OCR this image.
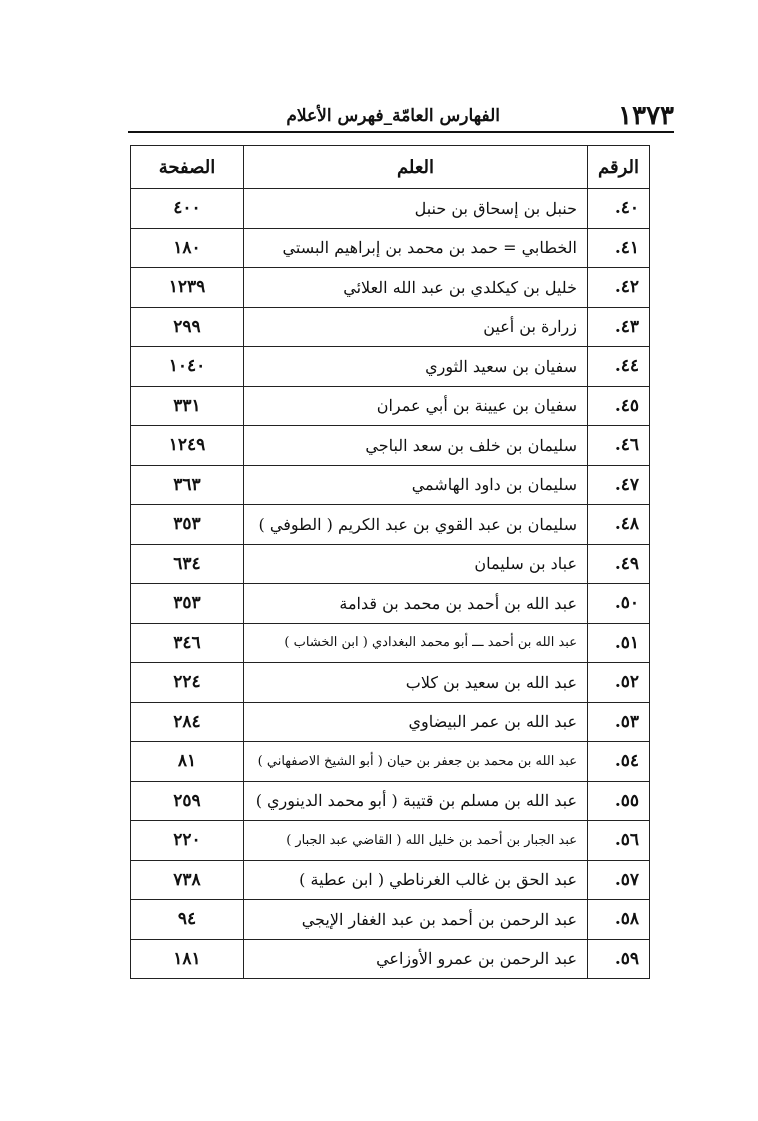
١٣٧٣
الفهارس العامّة_فهرس الأعلام
الرقم	العلم	الصفحة
٤٠.	حنبل بن إسحاق بن حنبل	٤٠٠
٤١.	الخطابي = حمد بن محمد بن إبراهيم البستي	١٨٠
٤٢.	خليل بن كيكلدي بن عبد الله العلائي	١٢٣٩
٤٣.	زرارة بن أعين	٢٩٩
٤٤.	سفيان بن سعيد الثوري	١٠٤٠
٤٥.	سفيان بن عيينة بن أبي عمران	٣٣١
٤٦.	سليمان بن خلف بن سعد الباجي	١٢٤٩
٤٧.	سليمان بن داود الهاشمي	٣٦٣
٤٨.	سليمان بن عبد القوي بن عبد الكريم ( الطوفي )	٣٥٣
٤٩.	عباد بن سليمان	٦٣٤
٥٠.	عبد الله بن أحمد بن محمد بن قدامة	٣٥٣
٥١.	عبد الله بن أحمد ـــ أبو محمد البغدادي ( ابن الخشاب )	٣٤٦
٥٢.	عبد الله بن سعيد بن كلاب	٢٢٤
٥٣.	عبد الله بن عمر البيضاوي	٢٨٤
٥٤.	عبد الله بن محمد بن جعفر بن حيان ( أبو الشيخ الاصفهاني )	٨١
٥٥.	عبد الله بن مسلم بن قتيبة ( أبو محمد الدينوري )	٢٥٩
٥٦.	عبد الجبار بن أحمد بن خليل الله ( القاضي عبد الجبار )	٢٢٠
٥٧.	عبد الحق بن غالب الغرناطي ( ابن عطية )	٧٣٨
٥٨.	عبد الرحمن بن أحمد بن عبد الغفار الإيجي	٩٤
٥٩.	عبد الرحمن بن عمرو الأوزاعي	١٨١
